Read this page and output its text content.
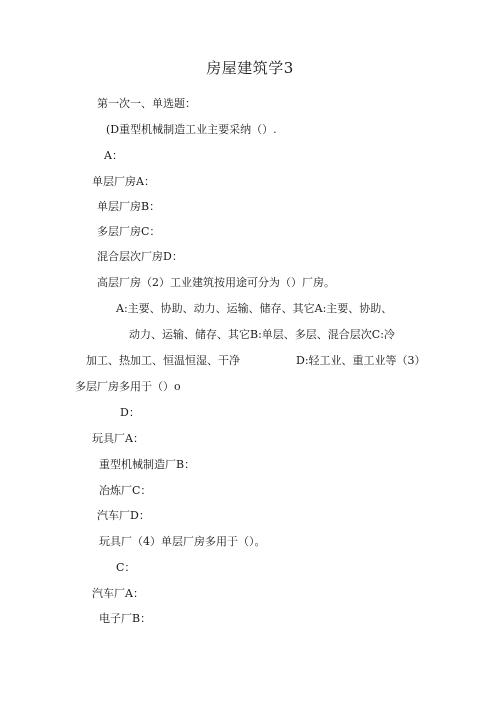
房屋建筑学3
第一次一、单选题：
(D重型机械制造工业主要采纳（）.
A：
单层厂房A：
单层厂房B：
多层厂房C：
混合层次厂房D：
高层厂房（2）工业建筑按用途可分为（）厂房。
A:主要、协助、动力、运输、储存、其它A:主要、协助、
动力、运输、储存、其它B:单层、多层、混合层次C:冷
加工、热加工、恒温恒湿、干净	D:轻工业、重工业等（3）
多层厂房多用于（）o
D：
玩具厂A：
重型机械制造厂B：
冶炼厂C：
汽车厂D：
玩具厂（4）单层厂房多用于（）。
C：
汽车厂A：
电子厂B：
